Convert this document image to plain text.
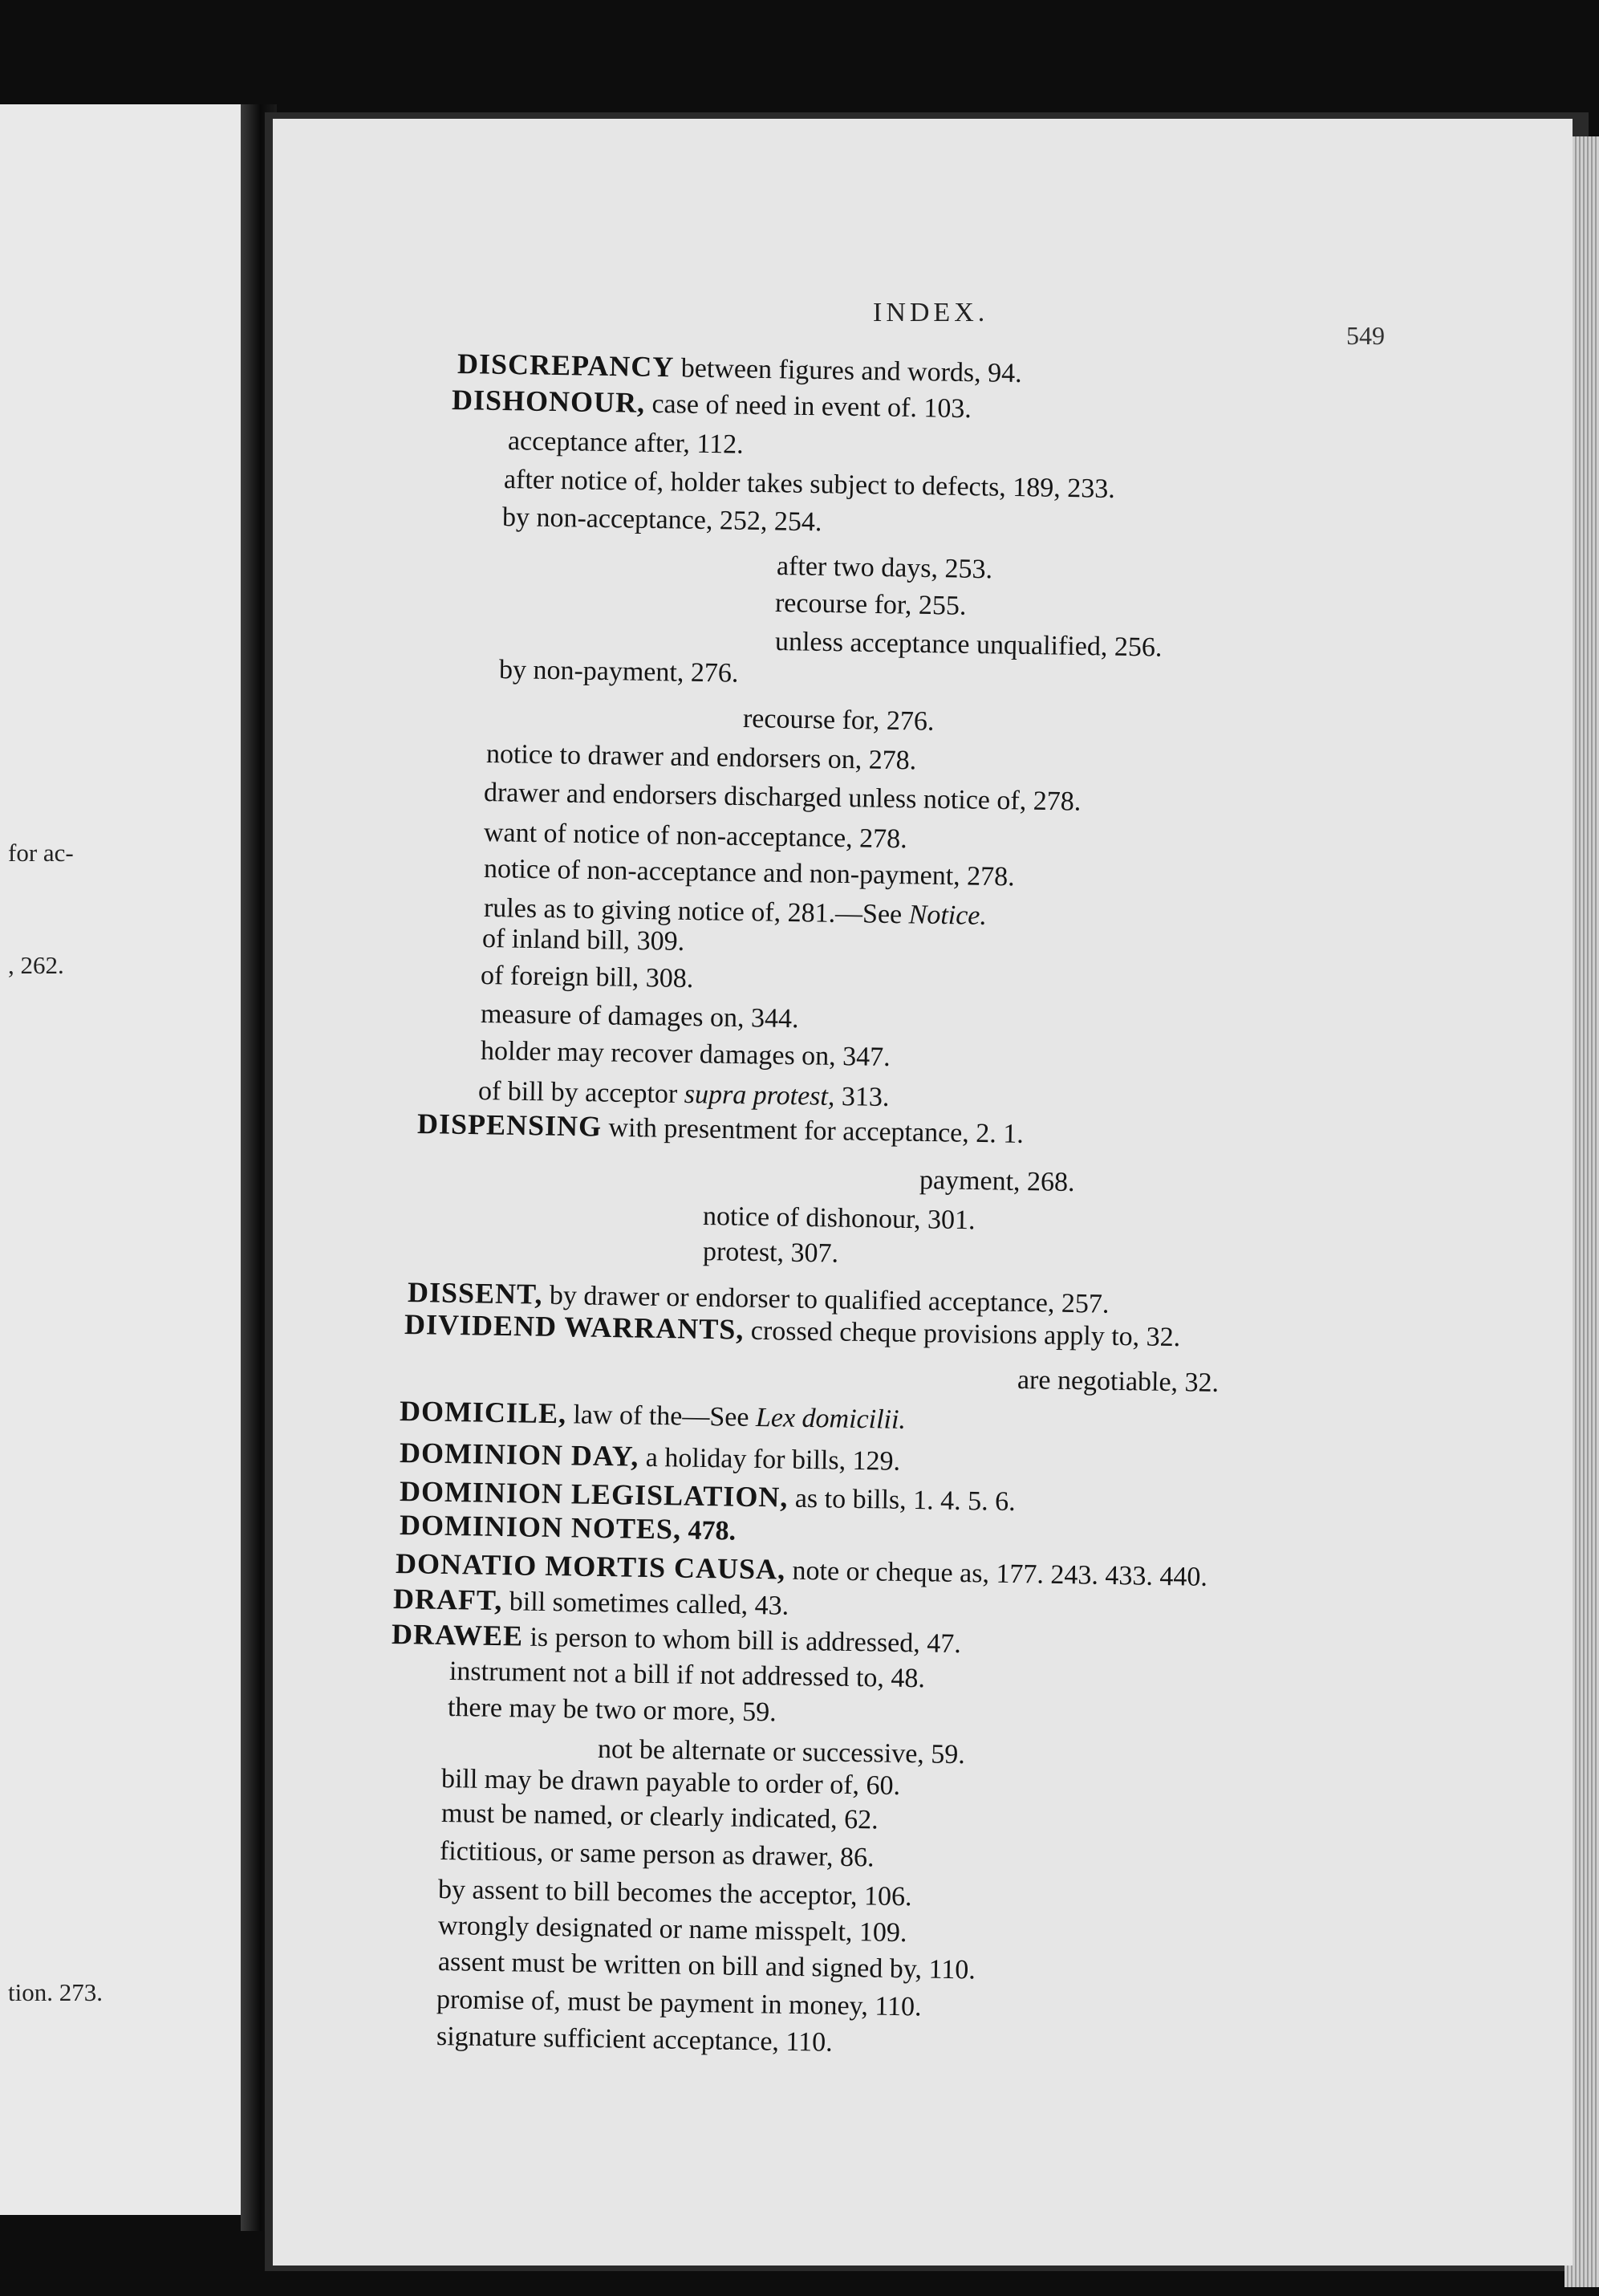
for ac-
, 262.
tion. 273.
INDEX.
549
DISCREPANCY between figures and words, 94.
DISHONOUR, case of need in event of. 103.
acceptance after, 112.
after notice of, holder takes subject to defects, 189, 233.
by non-acceptance, 252, 254.
after two days, 253.
recourse for, 255.
unless acceptance unqualified, 256.
by non-payment, 276.
recourse for, 276.
notice to drawer and endorsers on, 278.
drawer and endorsers discharged unless notice of, 278.
want of notice of non-acceptance, 278.
notice of non-acceptance and non-payment, 278.
rules as to giving notice of, 281.—See Notice.
of inland bill, 309.
of foreign bill, 308.
measure of damages on, 344.
holder may recover damages on, 347.
of bill by acceptor supra protest, 313.
DISPENSING with presentment for acceptance, 2. 1.
payment, 268.
notice of dishonour, 301.
protest, 307.
DISSENT, by drawer or endorser to qualified acceptance, 257.
DIVIDEND WARRANTS, crossed cheque provisions apply to, 32.
are negotiable, 32.
DOMICILE, law of the—See Lex domicilii.
DOMINION DAY, a holiday for bills, 129.
DOMINION LEGISLATION, as to bills, 1. 4. 5. 6.
DOMINION NOTES, 478.
DONATIO MORTIS CAUSA, note or cheque as, 177. 243. 433. 440.
DRAFT, bill sometimes called, 43.
DRAWEE is person to whom bill is addressed, 47.
instrument not a bill if not addressed to, 48.
there may be two or more, 59.
not be alternate or successive, 59.
bill may be drawn payable to order of, 60.
must be named, or clearly indicated, 62.
fictitious, or same person as drawer, 86.
by assent to bill becomes the acceptor, 106.
wrongly designated or name misspelt, 109.
assent must be written on bill and signed by, 110.
promise of, must be payment in money, 110.
signature sufficient acceptance, 110.
